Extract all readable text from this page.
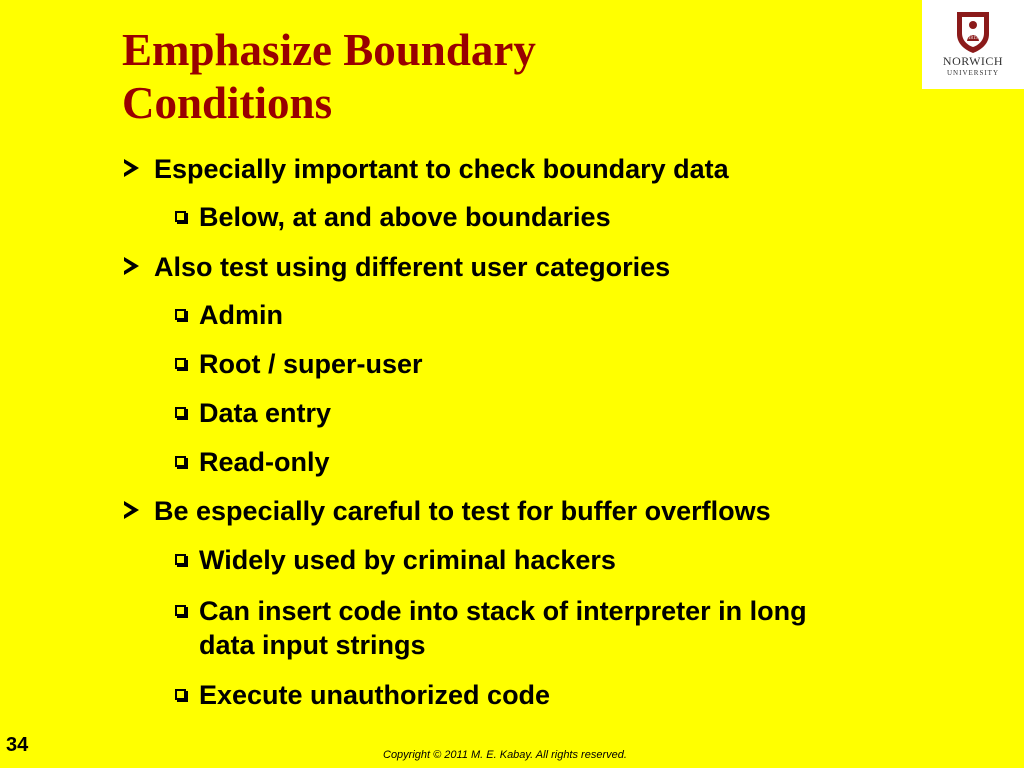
Emphasize Boundary
Conditions
1819
NORWICH
UNIVERSITY
Especially important to check boundary data
Below, at and above boundaries
Also test using different user categories
Admin
Root / super-user
Data entry
Read-only
Be especially careful to test for buffer overflows
Widely used by criminal hackers
Can insert code into stack of interpreter in long
data input strings
Execute unauthorized code
34	Copyright © 2011 M. E. Kabay. All rights reserved.
